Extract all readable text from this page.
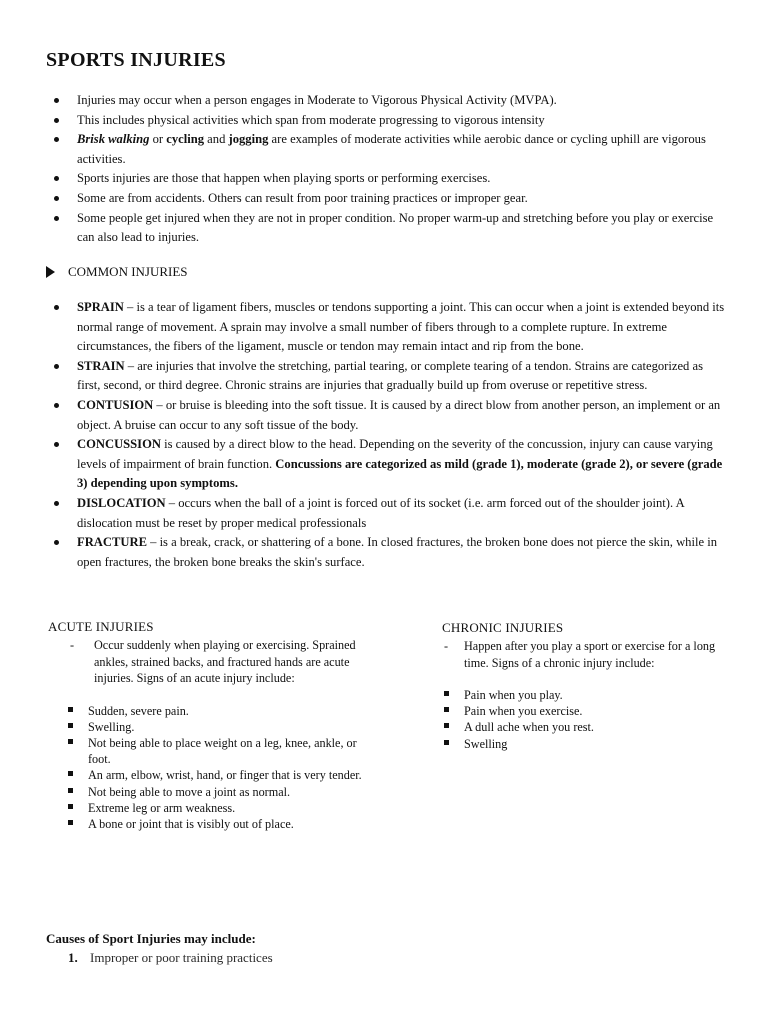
SPORTS INJURIES
Injuries may occur when a person engages in Moderate to Vigorous Physical Activity (MVPA).
This includes physical activities which span from moderate progressing to vigorous intensity
Brisk walking or cycling and jogging are examples of moderate activities while aerobic dance or cycling uphill are vigorous activities.
Sports injuries are those that happen when playing sports or performing exercises.
Some are from accidents. Others can result from poor training practices or improper gear.
Some people get injured when they are not in proper condition. No proper warm-up and stretching before you play or exercise can also lead to injuries.
COMMON INJURIES
SPRAIN – is a tear of ligament fibers, muscles or tendons supporting a joint. This can occur when a joint is extended beyond its normal range of movement. A sprain may involve a small number of fibers through to a complete rupture. In extreme circumstances, the fibers of the ligament, muscle or tendon may remain intact and rip from the bone.
STRAIN – are injuries that involve the stretching, partial tearing, or complete tearing of a tendon. Strains are categorized as first, second, or third degree. Chronic strains are injuries that gradually build up from overuse or repetitive stress.
CONTUSION – or bruise is bleeding into the soft tissue. It is caused by a direct blow from another person, an implement or an object. A bruise can occur to any soft tissue of the body.
CONCUSSION is caused by a direct blow to the head. Depending on the severity of the concussion, injury can cause varying levels of impairment of brain function. Concussions are categorized as mild (grade 1), moderate (grade 2), or severe (grade 3) depending upon symptoms.
DISLOCATION – occurs when the ball of a joint is forced out of its socket (i.e. arm forced out of the shoulder joint). A dislocation must be reset by proper medical professionals
FRACTURE – is a break, crack, or shattering of a bone. In closed fractures, the broken bone does not pierce the skin, while in open fractures, the broken bone breaks the skin's surface.
ACUTE INJURIES
- Occur suddenly when playing or exercising. Sprained ankles, strained backs, and fractured hands are acute injuries. Signs of an acute injury include:
Sudden, severe pain.
Swelling.
Not being able to place weight on a leg, knee, ankle, or foot.
An arm, elbow, wrist, hand, or finger that is very tender.
Not being able to move a joint as normal.
Extreme leg or arm weakness.
A bone or joint that is visibly out of place.
CHRONIC INJURIES
- Happen after you play a sport or exercise for a long time. Signs of a chronic injury include:
Pain when you play.
Pain when you exercise.
A dull ache when you rest.
Swelling
Causes of Sport Injuries may include:
1. Improper or poor training practices
